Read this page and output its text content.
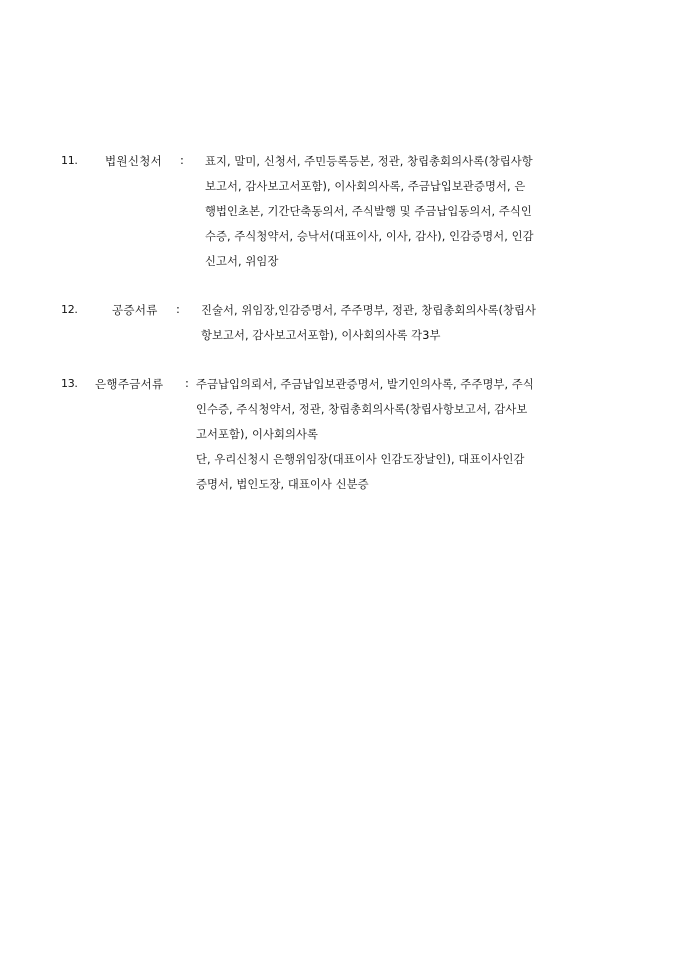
11. 법원신청서 : 표지, 말미, 신청서, 주민등록등본, 정관, 창립총회의사록(창립사항
보고서, 감사보고서포함), 이사회의사록, 주금납입보관증명서, 은
행법인초본, 기간단축동의서, 주식발행 및 주금납입동의서, 주식인
수증, 주식청약서, 승낙서(대표이사, 이사, 감사), 인감증명서, 인감
신고서, 위임장
12.	공증서류 : 진술서, 위임장,인감증명서, 주주명부, 정관, 창립총회의사록(창립사
항보고서, 감사보고서포함), 이사회의사록 각3부
13. 은행주금서류 : 주금납입의뢰서, 주금납입보관증명서, 발기인의사록, 주주명부, 주식
인수증, 주식청약서, 정관, 창립총회의사록(창립사항보고서, 감사보
고서포함), 이사회의사록
단, 우리신청시 은행위임장(대표이사 인감도장날인), 대표이사인감
증명서, 법인도장, 대표이사 신분증
